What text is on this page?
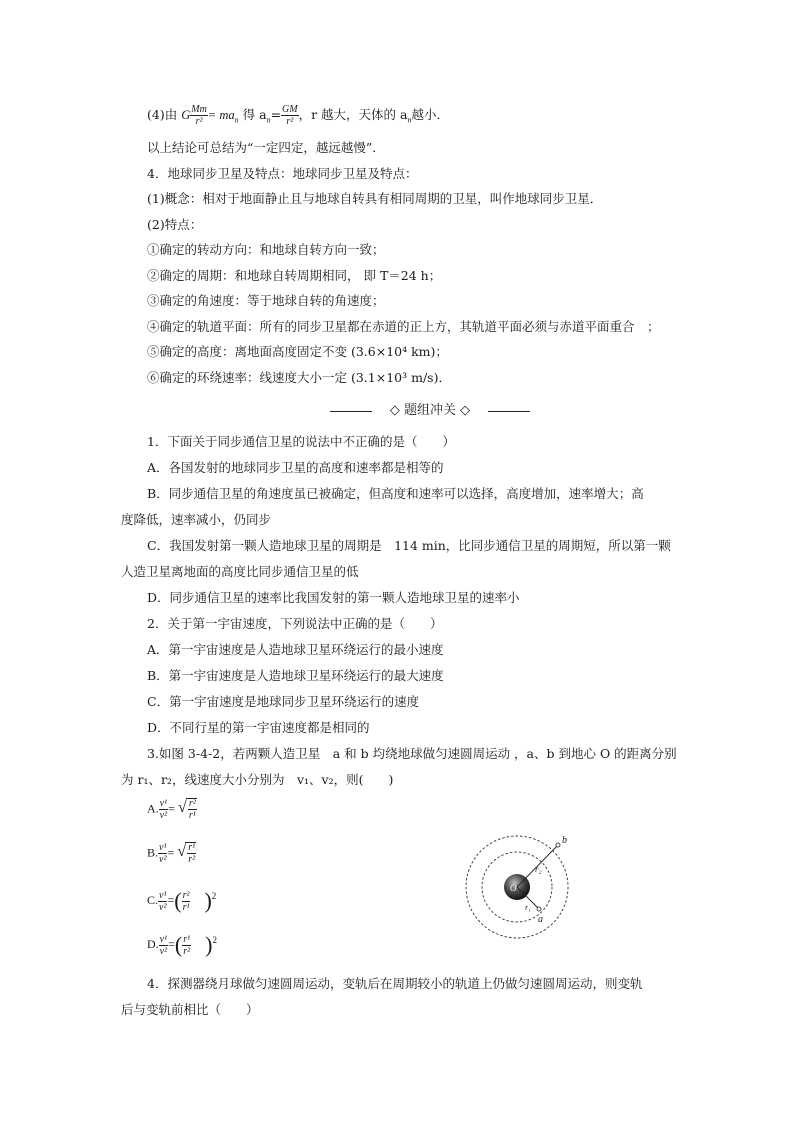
(4)由 G $\frac{Mm}{\text{r²}} = ma_n$ 得 $a_n= \frac{GM}{\text{r²}}$ ，r 越大，天体的 $a_n$越小．
以上结论可总结为“一定四定，越远越慢”．
4．地球同步卫星及特点：地球同步卫星及特点：
(1)概念：相对于地面静止且与地球自转具有相同周期的卫星，叫作地球同步卫星．
(2)特点：
①确定的转动方向：和地球自转方向一致；
②确定的周期：和地球自转周期相同， 即 T＝24 h；
③确定的角速度：等于地球自转的角速度；
④确定的轨道平面：所有的同步卫星都在赤道的正上方，其轨道平面必须与赤道平面重合　；
⑤确定的高度：离地面高度固定不变 (3.6×10⁴ km)；
⑥确定的环绕速率：线速度大小一定 (3.1×10³ m/s)．
◇ 题组冲关 ◇
1．下面关于同步通信卫星的说法中不正确的是（　　）
A．各国发射的地球同步卫星的高度和速率都是相等的
B．同步通信卫星的角速度虽已被确定，但高度和速率可以选择，高度增加，速率增大；高
度降低，速率减小，仍同步
C．我国发射第一颗人造地球卫星的周期是　114 min，比同步通信卫星的周期短，所以第一颗
人造卫星离地面的高度比同步通信卫星的低
D．同步通信卫星的速率比我国发射的第一颗人造地球卫星的速率小
2．关于第一宇宙速度，下列说法中正确的是（　　）
A．第一宇宙速度是人造地球卫星环绕运行的最小速度
B．第一宇宙速度是人造地球卫星环绕运行的最大速度
C．第一宇宙速度是地球同步卫星环绕运行的速度
D．不同行星的第一宇宙速度都是相同的
3.如图 3-4-2，若两颗人造卫星　a 和 b 均绕地球做匀速圆周运动 ，a、b 到地心 O 的距离分别
为 r₁、r₂，线速度大小分别为　v₁、v₂，则(　　)
A. $\frac{\text{v¹}}{\text{v²}}$ = √ $\frac{\text{r²}}{\text{r¹}}$
B. $\frac{\text{v¹}}{\text{v²}}$ = √ $\frac{\text{r¹}}{\text{r²}}$
C. $\frac{\text{v¹}}{\text{v²}}$ =( $\frac{\text{r²}}{\text{r¹}} )^2$
D. $\frac{\text{v¹}}{\text{v²}}$ =( $\frac{\text{r¹}}{\text{r²}} )^2$
O
b
a
r₂
r₁
4．探测器绕月球做匀速圆周运动，变轨后在周期较小的轨道上仍做匀速圆周运动，则变轨
后与变轨前相比（　　）
